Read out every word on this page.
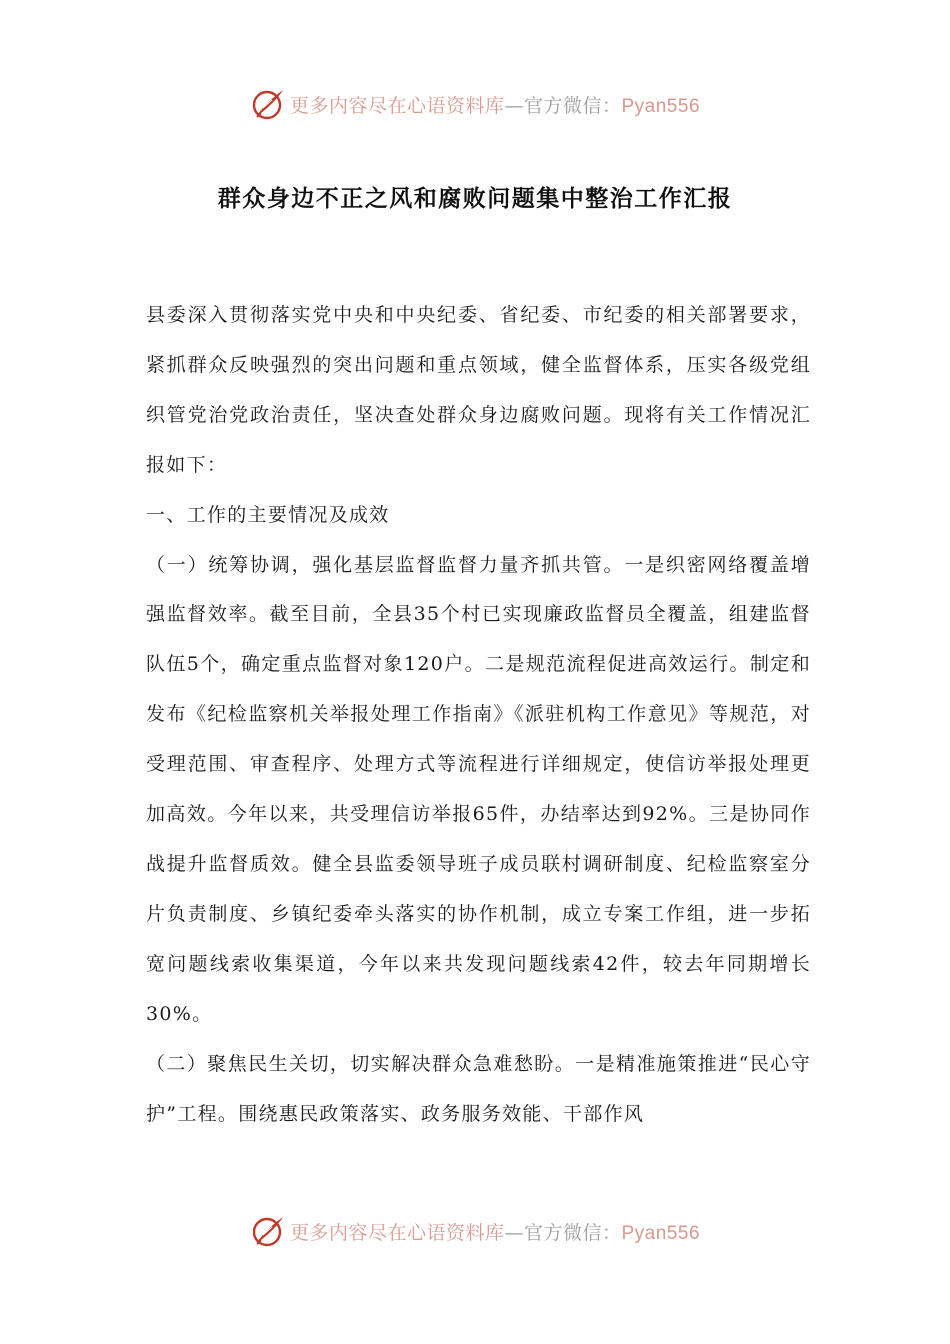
更多内容尽在心语资料库—官方微信：Pyan556
群众身边不正之风和腐败问题集中整治工作汇报

县委深入贯彻落实党中央和中央纪委、省纪委、市纪委的相关部署要求，紧抓群众反映强烈的突出问题和重点领域，健全监督体系，压实各级党组织管党治党政治责任，坚决查处群众身边腐败问题。现将有关工作情况汇报如下：

一、工作的主要情况及成效

（一）统筹协调，强化基层监督监督力量齐抓共管。一是织密网络覆盖增强监督效率。截至目前，全县35个村已实现廉政监督员全覆盖，组建监督队伍5个，确定重点监督对象120户。二是规范流程促进高效运行。制定和发布《纪检监察机关举报处理工作指南》《派驻机构工作意见》等规范，对受理范围、审查程序、处理方式等流程进行详细规定，使信访举报处理更加高效。今年以来，共受理信访举报65件，办结率达到92%。三是协同作战提升监督质效。健全县监委领导班子成员联村调研制度、纪检监察室分片负责制度、乡镇纪委牵头落实的协作机制，成立专案工作组，进一步拓宽问题线索收集渠道，今年以来共发现问题线索42件，较去年同期增长30%。

（二）聚焦民生关切，切实解决群众急难愁盼。一是精准施策推进“民心守护”工程。围绕惠民政策落实、政务服务效能、干部作风

更多内容尽在心语资料库—官方微信：Pyan556
